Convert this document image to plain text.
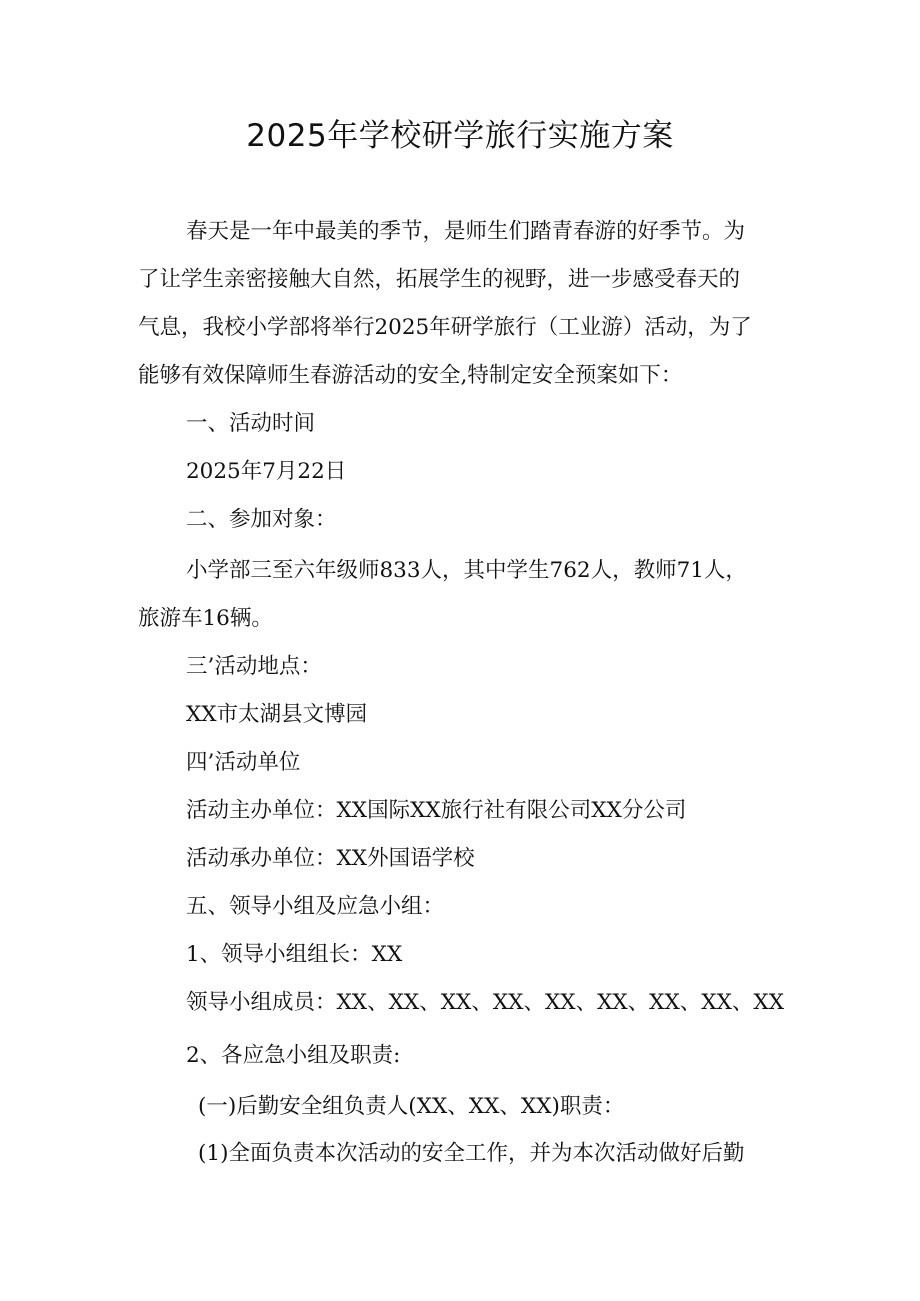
2025年学校研学旅行实施方案
春天是一年中最美的季节，是师生们踏青春游的好季节。为
了让学生亲密接触大自然，拓展学生的视野，进一步感受春天的
气息，我校小学部将举行2025年研学旅行（工业游）活动，为了
能够有效保障师生春游活动的安全,特制定安全预案如下：
一、活动时间
2025年7月22日
二、参加对象：
小学部三至六年级师833人，其中学生762人，教师71人，
旅游车16辆。
三’活动地点：
XX市太湖县文博园
四’活动单位
活动主办单位：XX国际XX旅行社有限公司XX分公司
活动承办单位：XX外国语学校
五、领导小组及应急小组：
1、领导小组组长：XX
领导小组成员：XX、XX、XX、XX、XX、XX、XX、XX、XX
2、各应急小组及职责:
(一)后勤安全组负责人(XX、XX、XX)职责：
(1)全面负责本次活动的安全工作，并为本次活动做好后勤
